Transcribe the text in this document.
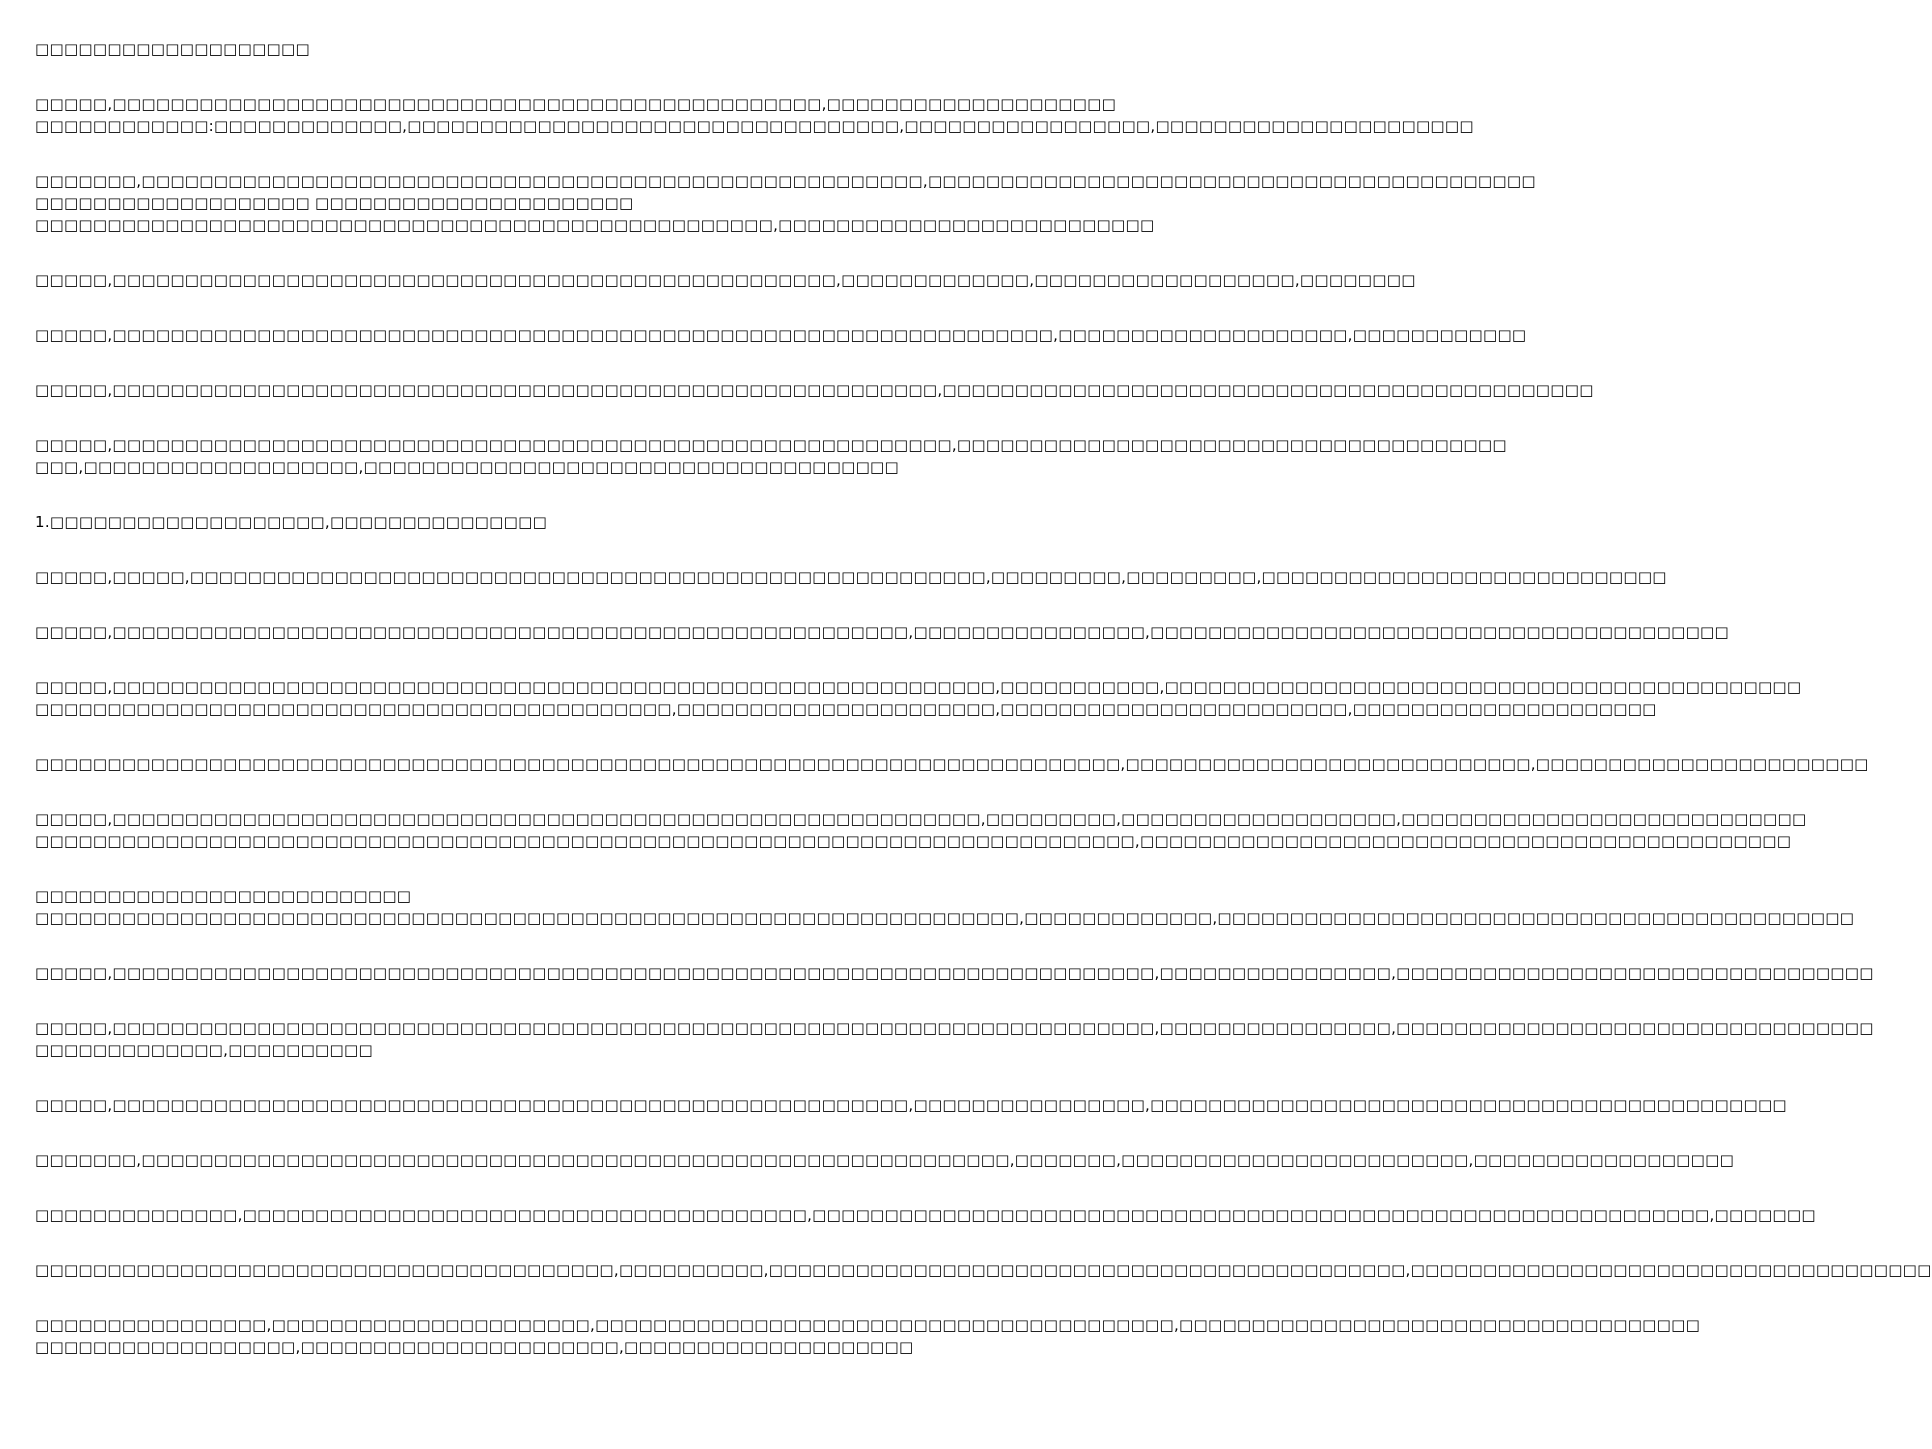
□□□□□□□□□□□□□□□□□□□
□□□□□,□□□□□□□□□□□□□□□□□□□□□□□□□□□□□□□□□□□□□□□□□□□□□□□□□,□□□□□□□□□□□□□□□□□□□□
□□□□□□□□□□□□:□□□□□□□□□□□□□,□□□□□□□□□□□□□□□□□□□□□□□□□□□□□□□□□□,□□□□□□□□□□□□□□□□□,□□□□□□□□□□□□□□□□□□□□□□
□□□□□□□,□□□□□□□□□□□□□□□□□□□□□□□□□□□□□□□□□□□□□□□□□□□□□□□□□□□□□□,□□□□□□□□□□□□□□□□□□□□□□□□□□□□□□□□□□□□□□□□□□
□□□□□□□□□□□□□□□□□□□ □□□□□□□□□□□□□□□□□□□□□□
□□□□□□□□□□□□□□□□□□□□□□□□□□□□□□□□□□□□□□□□□□□□□□□□□□□,□□□□□□□□□□□□□□□□□□□□□□□□□□
□□□□□,□□□□□□□□□□□□□□□□□□□□□□□□□□□□□□□□□□□□□□□□□□□□□□□□□□,□□□□□□□□□□□□□,□□□□□□□□□□□□□□□□□□,□□□□□□□□
□□□□□,□□□□□□□□□□□□□□□□□□□□□□□□□□□□□□□□□□□□□□□□□□□□□□□□□□□□□□□□□□□□□□□□□,□□□□□□□□□□□□□□□□□□□□,□□□□□□□□□□□□
□□□□□,□□□□□□□□□□□□□□□□□□□□□□□□□□□□□□□□□□□□□□□□□□□□□□□□□□□□□□□□□,□□□□□□□□□□□□□□□□□□□□□□□□□□□□□□□□□□□□□□□□□□□□□
□□□□□,□□□□□□□□□□□□□□□□□□□□□□□□□□□□□□□□□□□□□□□□□□□□□□□□□□□□□□□□□□,□□□□□□□□□□□□□□□□□□□□□□□□□□□□□□□□□□□□□□
□□□,□□□□□□□□□□□□□□□□□□□,□□□□□□□□□□□□□□□□□□□□□□□□□□□□□□□□□□□□□
1.□□□□□□□□□□□□□□□□□□□,□□□□□□□□□□□□□□□
□□□□□,□□□□□,□□□□□□□□□□□□□□□□□□□□□□□□□□□□□□□□□□□□□□□□□□□□□□□□□□□□□□□,□□□□□□□□□,□□□□□□□□□,□□□□□□□□□□□□□□□□□□□□□□□□□□□□
□□□□□,□□□□□□□□□□□□□□□□□□□□□□□□□□□□□□□□□□□□□□□□□□□□□□□□□□□□□□□,□□□□□□□□□□□□□□□□,□□□□□□□□□□□□□□□□□□□□□□□□□□□□□□□□□□□□□□□□
□□□□□,□□□□□□□□□□□□□□□□□□□□□□□□□□□□□□□□□□□□□□□□□□□□□□□□□□□□□□□□□□□□□,□□□□□□□□□□□,□□□□□□□□□□□□□□□□□□□□□□□□□□□□□□□□□□□□□□□□□□□□
□□□□□□□□□□□□□□□□□□□□□□□□□□□□□□□□□□□□□□□□□□□□,□□□□□□□□□□□□□□□□□□□□□□,□□□□□□□□□□□□□□□□□□□□□□□□,□□□□□□□□□□□□□□□□□□□□□
□□□□□□□□□□□□□□□□□□□□□□□□□□□□□□□□□□□□□□□□□□□□□□□□□□□□□□□□□□□□□□□□□□□□□□□□□□□,□□□□□□□□□□□□□□□□□□□□□□□□□□□□,□□□□□□□□□□□□□□□□□□□□□□□
□□□□□,□□□□□□□□□□□□□□□□□□□□□□□□□□□□□□□□□□□□□□□□□□□□□□□□□□□□□□□□□□□□,□□□□□□□□□,□□□□□□□□□□□□□□□□□□□,□□□□□□□□□□□□□□□□□□□□□□□□□□□□
□□□□□□□□□□□□□□□□□□□□□□□□□□□□□□□□□□□□□□□□□□□□□□□□□□□□□□□□□□□□□□□□□□□□□□□□□□□□,□□□□□□□□□□□□□□□□□□□□□□□□□□□□□□□□□□□□□□□□□□□□□
□□□□□□□□□□□□□□□□□□□□□□□□□□
□□□□□□□□□□□□□□□□□□□□□□□□□□□□□□□□□□□□□□□□□□□□□□□□□□□□□□□□□□□□□□□□□□□□,□□□□□□□□□□□□□,□□□□□□□□□□□□□□□□□□□□□□□□□□□□□□□□□□□□□□□□□□□□
□□□□□,□□□□□□□□□□□□□□□□□□□□□□□□□□□□□□□□□□□□□□□□□□□□□□□□□□□□□□□□□□□□□□□□□□□□□□□□,□□□□□□□□□□□□□□□□,□□□□□□□□□□□□□□□□□□□□□□□□□□□□□□□□□
□□□□□,□□□□□□□□□□□□□□□□□□□□□□□□□□□□□□□□□□□□□□□□□□□□□□□□□□□□□□□□□□□□□□□□□□□□□□□□,□□□□□□□□□□□□□□□□,□□□□□□□□□□□□□□□□□□□□□□□□□□□□□□□□□
□□□□□□□□□□□□□,□□□□□□□□□□
□□□□□,□□□□□□□□□□□□□□□□□□□□□□□□□□□□□□□□□□□□□□□□□□□□□□□□□□□□□□□,□□□□□□□□□□□□□□□□,□□□□□□□□□□□□□□□□□□□□□□□□□□□□□□□□□□□□□□□□□□□□
□□□□□□□,□□□□□□□□□□□□□□□□□□□□□□□□□□□□□□□□□□□□□□□□□□□□□□□□□□□□□□□□□□□□,□□□□□□□,□□□□□□□□□□□□□□□□□□□□□□□□,□□□□□□□□□□□□□□□□□□
□□□□□□□□□□□□□□,□□□□□□□□□□□□□□□□□□□□□□□□□□□□□□□□□□□□□□□,□□□□□□□□□□□□□□□□□□□□□□□□□□□□□□□□□□□□□□□□□□□□□□□□□□□□□□□□□□□□□□,□□□□□□□
□□□□□□□□□□□□□□□□□□□□□□□□□□□□□□□□□□□□□□□□,□□□□□□□□□□,□□□□□□□□□□□□□□□□□□□□□□□□□□□□□□□□□□□□□□□□□□□□,□□□□□□□□□□□□□□□□□□□□□□□□□□□□□□□□□□□□
□□□□□□□□□□□□□□□□,□□□□□□□□□□□□□□□□□□□□□□,□□□□□□□□□□□□□□□□□□□□□□□□□□□□□□□□□□□□□□□□,□□□□□□□□□□□□□□□□□□□□□□□□□□□□□□□□□□□□
□□□□□□□□□□□□□□□□□□,□□□□□□□□□□□□□□□□□□□□□□,□□□□□□□□□□□□□□□□□□□□
